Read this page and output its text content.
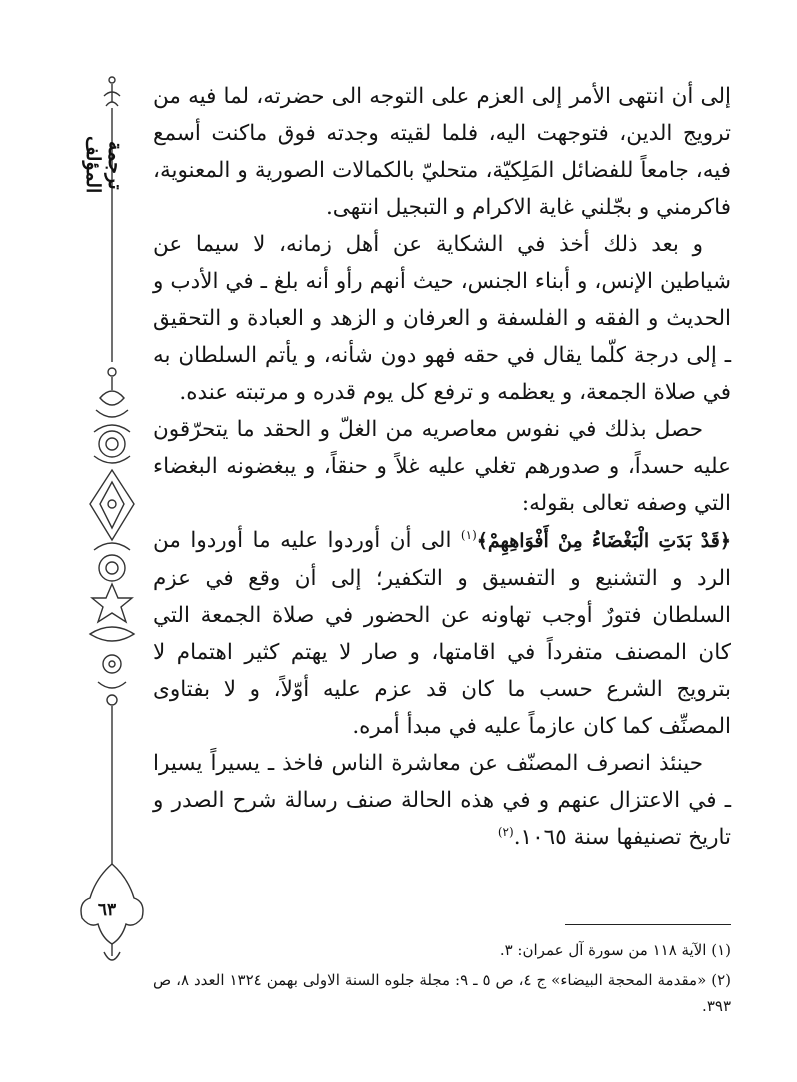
ترجمة المؤلف
٦٣

إلى أن انتهى الأمر إلى العزم على التوجه الى حضرته، لما فيه من ترويج الدين، فتوجهت اليه، فلما لقيته وجدته فوق ماكنت أسمع فيه، جامعاً للفضائل المَلِكيّة، متحليّ بالكمالات الصورية و المعنوية، فاكرمني و بجّلني غاية الاكرام و التبجيل انتهى.

و بعد ذلك أخذ في الشكاية عن أهل زمانه، لا سيما عن شياطين الإنس، و أبناء الجنس، حيث أنهم رأو أنه بلغ ـ في الأدب و الحديث و الفقه و الفلسفة و العرفان و الزهد و العبادة و التحقيق ـ إلى درجة كلّما يقال في حقه فهو دون شأنه، و يأتم السلطان به في صلاة الجمعة، و يعظمه و ترفع كل يوم قدره و مرتبته عنده.

حصل بذلك في نفوس معاصريه من الغلّ و الحقد ما يتحرّقون عليه حسداً، و صدورهم تغلي عليه غلاً و حنقاً، و يبغضونه البغضاء التي وصفه تعالى بقوله:

﴿قَدْ بَدَتِ الْبَغْضَاءُ مِنْ أَفْوَاهِهِمْ﴾$^{(١)}$ الى أن أوردوا عليه ما أوردوا من الرد و التشنيع و التفسيق و التكفير؛ إلى أن وقع في عزم السلطان فتورٌ أوجب تهاونه عن الحضور في صلاة الجمعة التي كان المصنف متفرداً في اقامتها، و صار لا يهتم كثير اهتمام لا بترويج الشرع حسب ما كان قد عزم عليه أوّلاً، و لا بفتاوى المصنِّف كما كان عازماً عليه في مبدأ أمره.

حينئذ انصرف المصنّف عن معاشرة الناس فاخذ ـ يسيراً يسيرا ـ في الاعتزال عنهم و في هذه الحالة صنف رسالة شرح الصدر و تاريخ تصنيفها سنة ١٠٦٥.$^{(٢)}$

(١) الآية ١١٨ من سورة آل عمران: ٣.

(٢) «مقدمة المحجة البيضاء» ج ٤، ص ٥ ـ ٩: مجلة جلوه السنة الاولى بهمن ١٣٢٤ العدد ٨، ص ٣٩٣.
